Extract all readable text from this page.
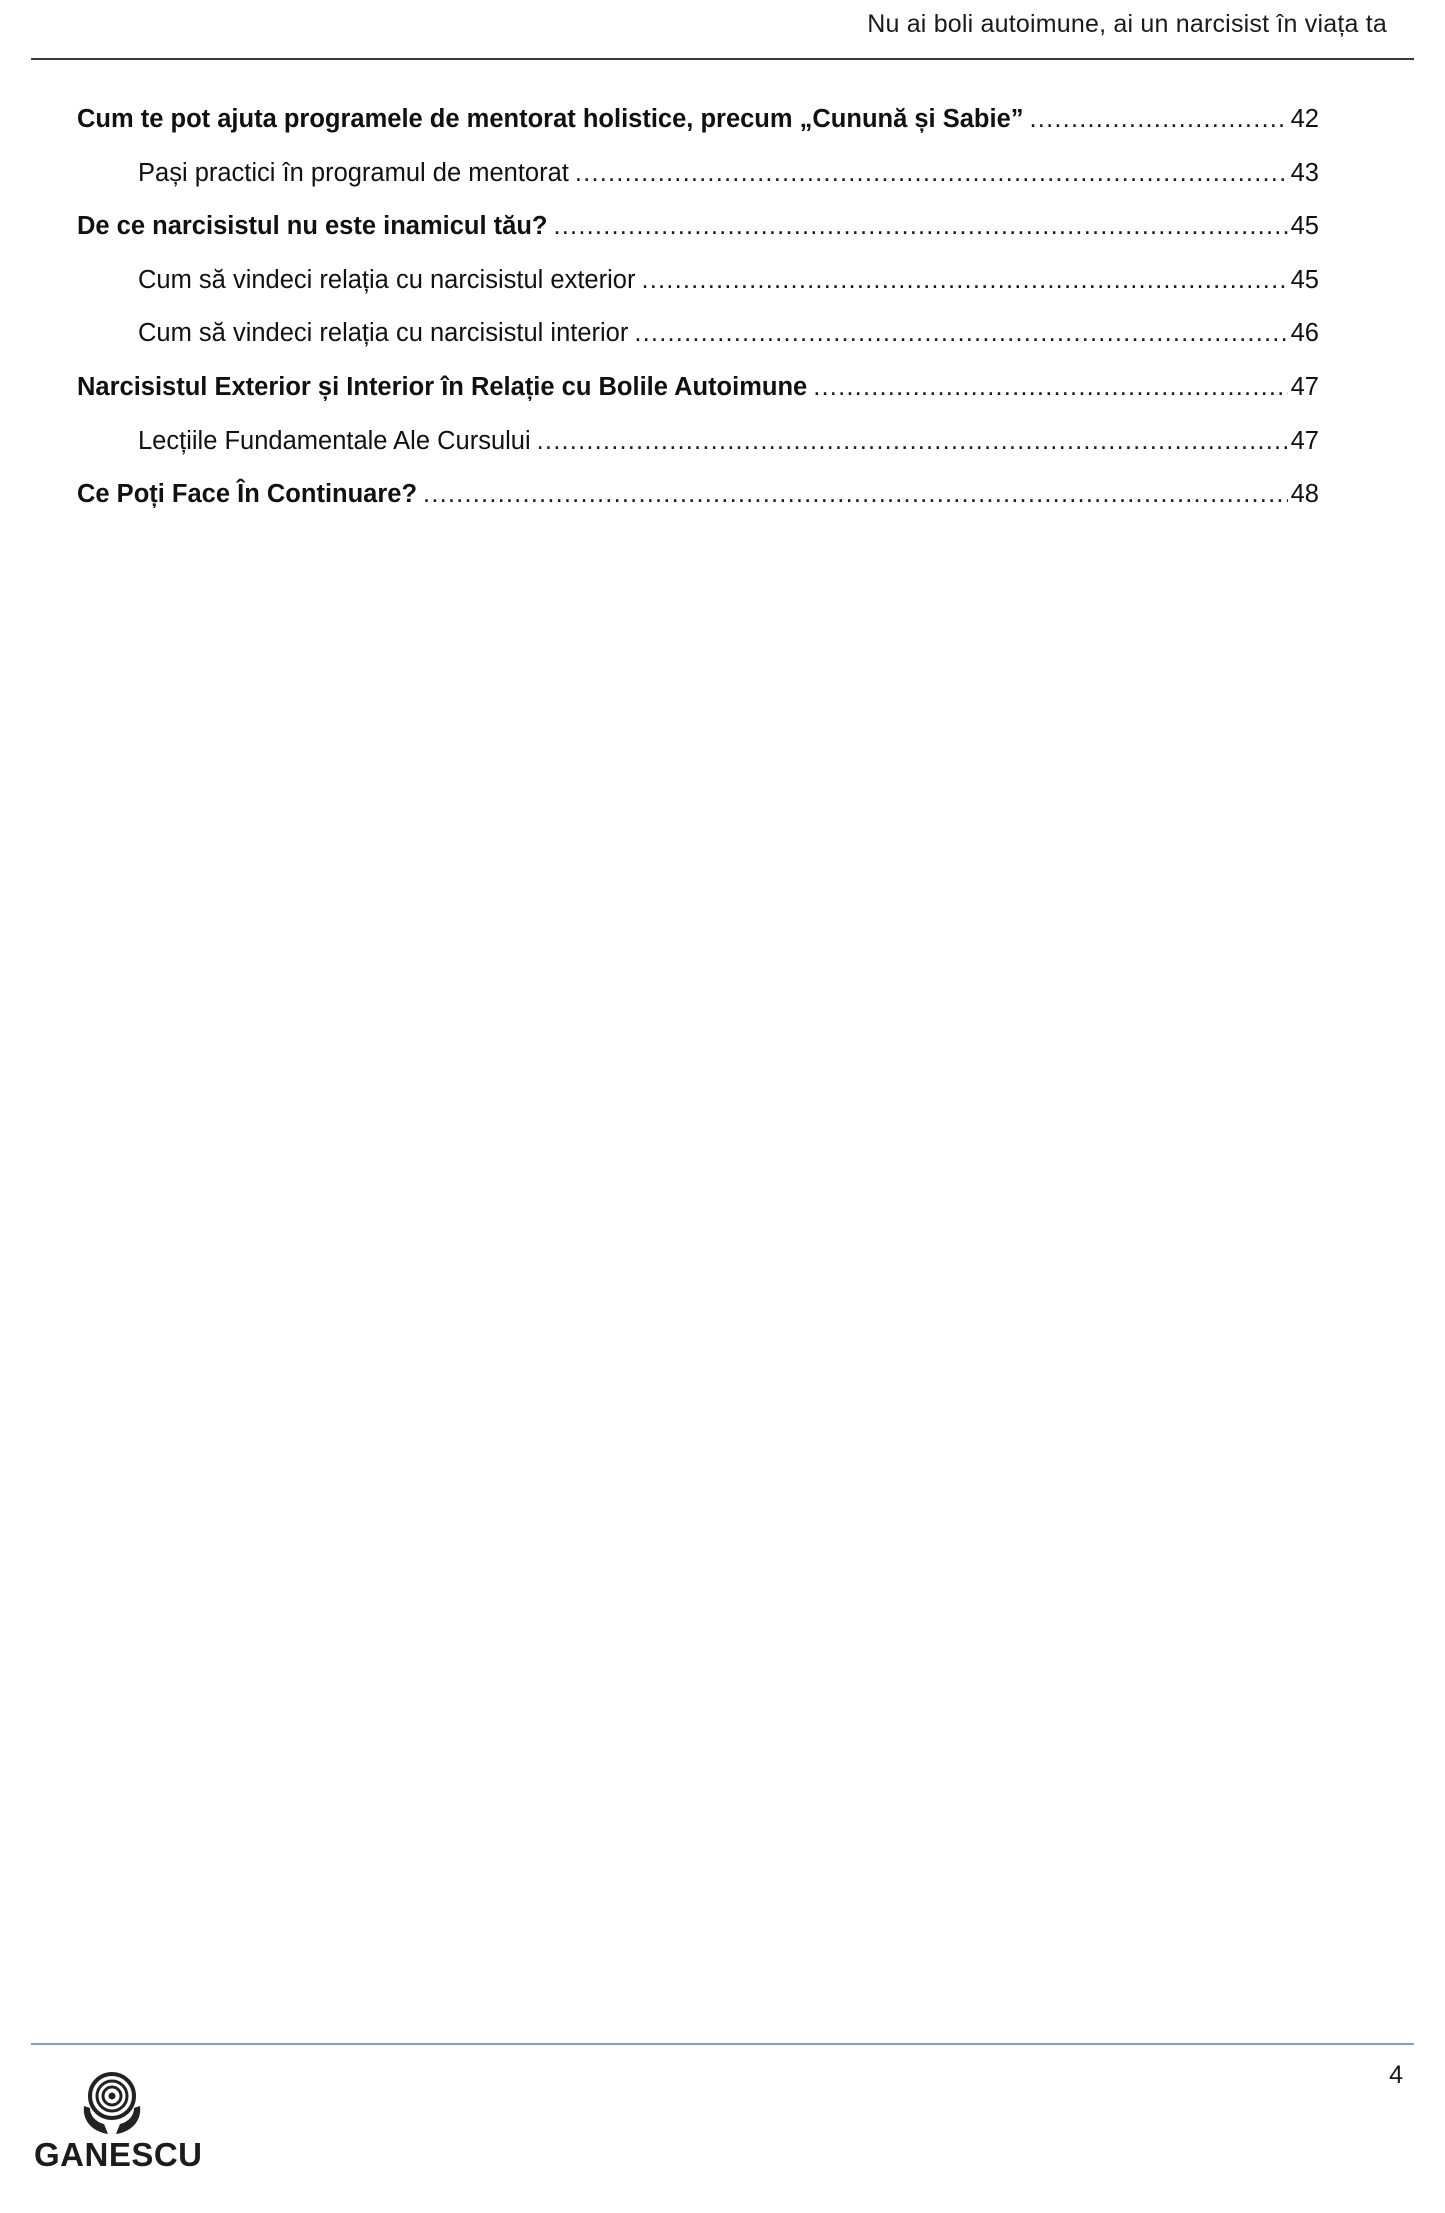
Nu ai boli autoimune, ai un narcisist în viața ta
Cum te pot ajuta programele de mentorat holistice, precum „Cunună și Sabie” .....	42
Pași practici în programul de mentorat .....	43
De ce narcisistul nu este inamicul tău? .....	45
Cum să vindeci relația cu narcisistul exterior .....	45
Cum să vindeci relația cu narcisistul interior .....	46
Narcisistul Exterior și Interior în Relație cu Bolile Autoimune .....	47
Lecțiile Fundamentale Ale Cursului .....	47
Ce Poți Face În Continuare? .....	48
4
GANESCU
